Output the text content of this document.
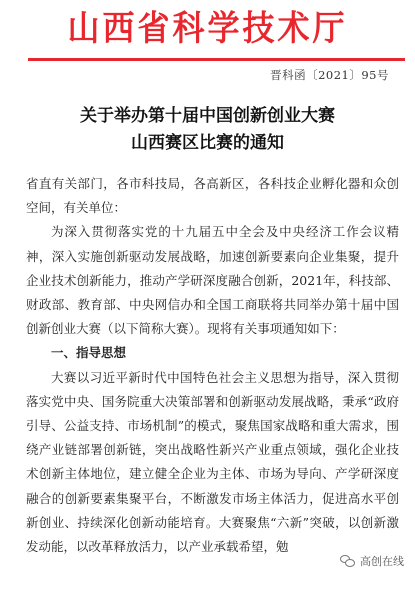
山西省科学技术厅
晋科函〔2021〕95号
关于举办第十届中国创新创业大赛
山西赛区比赛的通知

省直有关部门，各市科技局，各高新区，各科技企业孵化器和众创空间，有关单位：

为深入贯彻落实党的十九届五中全会及中央经济工作会议精神，深入实施创新驱动发展战略，加速创新要素向企业集聚，提升企业技术创新能力，推动产学研深度融合创新，2021年，科技部、财政部、教育部、中央网信办和全国工商联将共同举办第十届中国创新创业大赛（以下简称大赛）。现将有关事项通知如下：

一、指导思想

大赛以习近平新时代中国特色社会主义思想为指导，深入贯彻落实党中央、国务院重大决策部署和创新驱动发展战略，秉承“政府引导、公益支持、市场机制”的模式，聚焦国家战略和重大需求，围绕产业链部署创新链，突出战略性新兴产业重点领域，强化企业技术创新主体地位，建立健全企业为主体、市场为导向、产学研深度融合的创新要素集聚平台，不断激发市场主体活力，促进高水平创新创业、持续深化创新动能培育。大赛聚焦“六新”突破，以创新激发动能，以改革释放活力，以产业承载希望，勉

高创在线
